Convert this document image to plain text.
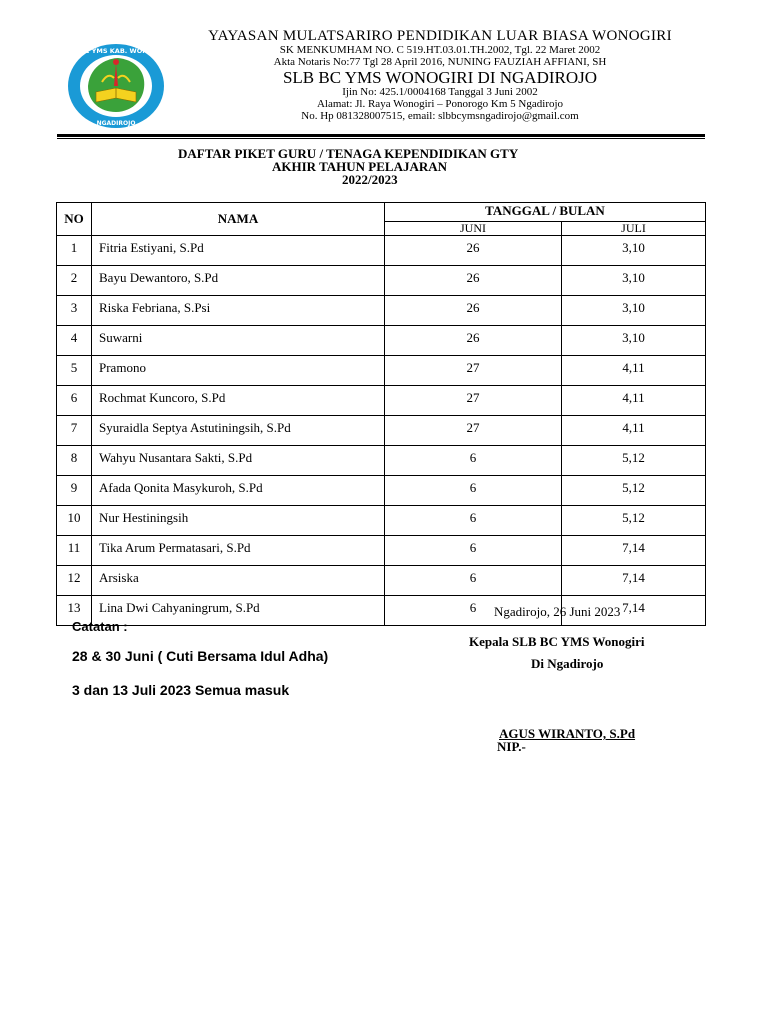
SLB BC YMS KAB. WONOGIRI
NGADIROJO
YAYASAN MULATSARIRO PENDIDIKAN LUAR BIASA WONOGIRI
SK MENKUMHAM NO. C 519.HT.03.01.TH.2002, Tgl. 22 Maret 2002
Akta Notaris No:77 Tgl 28 April 2016, NUNING FAUZIAH AFFIANI, SH
SLB BC YMS WONOGIRI DI NGADIROJO
Ijin No: 425.1/0004168 Tanggal 3 Juni 2002
Alamat: Jl. Raya Wonogiri – Ponorogo Km 5 Ngadirojo
No. Hp 081328007515, email: slbbcymsngadirojo@gmail.com
DAFTAR PIKET GURU / TENAGA KEPENDIDIKAN GTY
AKHIR TAHUN PELAJARAN
2022/2023
NO	NAMA	TANGGAL / BULAN	
		JUNI	JULI
1	Fitria Estiyani, S.Pd	26	3,10
2	Bayu Dewantoro, S.Pd	26	3,10
3	Riska Febriana, S.Psi	26	3,10
4	Suwarni	26	3,10
5	Pramono	27	4,11
6	Rochmat Kuncoro, S.Pd	27	4,11
7	Syuraidla Septya Astutiningsih, S.Pd	27	4,11
8	Wahyu Nusantara Sakti, S.Pd	6	5,12
9	Afada Qonita Masykuroh, S.Pd	6	5,12
10	Nur Hestiningsih	6	5,12
11	Tika Arum Permatasari, S.Pd	6	7,14
12	Arsiska	6	7,14
13	Lina Dwi Cahyaningrum, S.Pd	6	7,14
Catatan :
28 & 30 Juni ( Cuti Bersama Idul Adha)
3 dan 13 Juli 2023 Semua masuk
Ngadirojo, 26 Juni 2023
Kepala SLB BC YMS Wonogiri
Di Ngadirojo
AGUS WIRANTO, S.Pd
NIP.-
